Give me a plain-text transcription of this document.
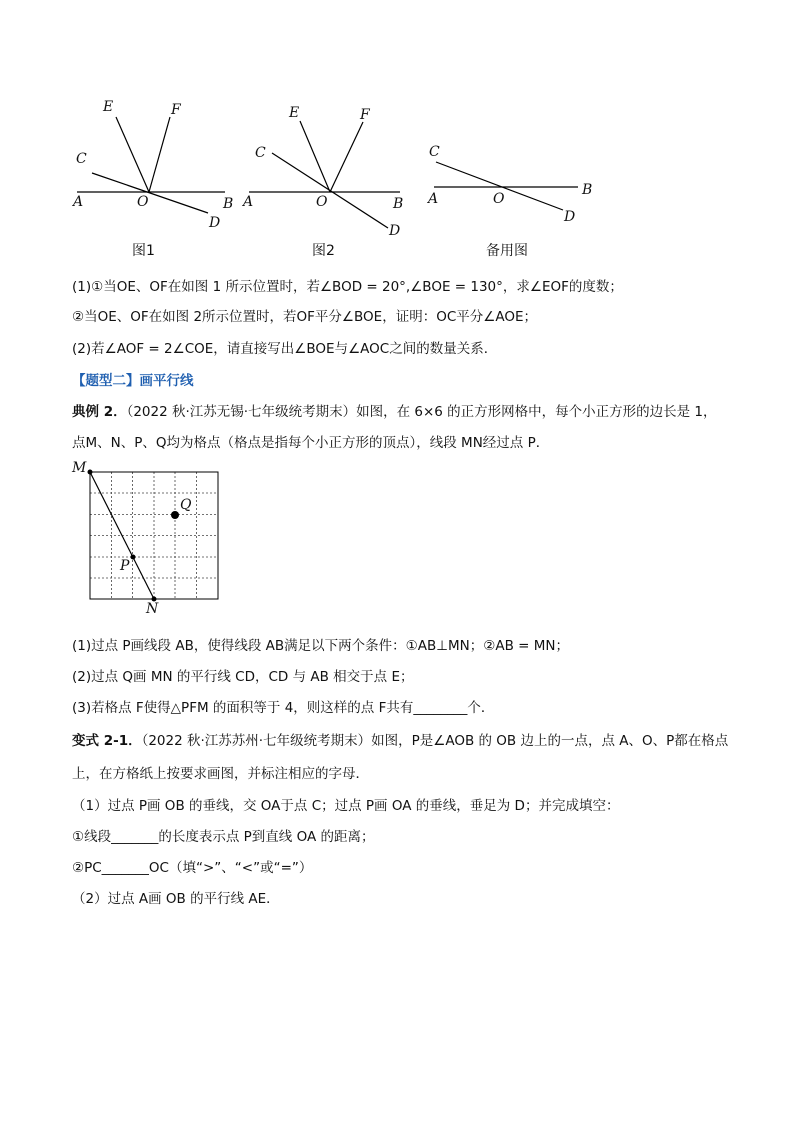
E	F
C
A	O	B
D
图1
E	F
C
A	O	B
D
图2
C
A	O
B
D
备用图
(1)①当OE、OF在如图 1 所示位置时，若∠BOD = 20°,∠BOE = 130°，求∠EOF的度数；
②当OE、OF在如图 2所示位置时，若OF平分∠BOE，证明：OC平分∠AOE；
(2)若∠AOF = 2∠COE，请直接写出∠BOE与∠AOC之间的数量关系．
【题型二】画平行线
典例 2．（2022 秋·江苏无锡·七年级统考期末）如图，在 6×6 的正方形网格中，每个小正方形的边长是 1，
点M、N、P、Q均为格点（格点是指每个小正方形的顶点），线段 MN经过点 P．
M
Q
P
N
(1)过点 P画线段 AB，使得线段 AB满足以下两个条件：①AB⊥MN；②AB = MN；
(2)过点 Q画 MN 的平行线 CD，CD 与 AB 相交于点 E；
(3)若格点 F使得△PFM 的面积等于 4，则这样的点 F共有________个．
变式 2-1．（2022 秋·江苏苏州·七年级统考期末）如图，P是∠AOB 的 OB 边上的一点，点 A、O、P都在格点
上，在方格纸上按要求画图，并标注相应的字母．
（1）过点 P画 OB 的垂线，交 OA于点 C；过点 P画 OA 的垂线，垂足为 D；并完成填空：
①线段_______的长度表示点 P到直线 OA 的距离；
②PC_______OC（填“>”、“<”或“=”）
（2）过点 A画 OB 的平行线 AE．
